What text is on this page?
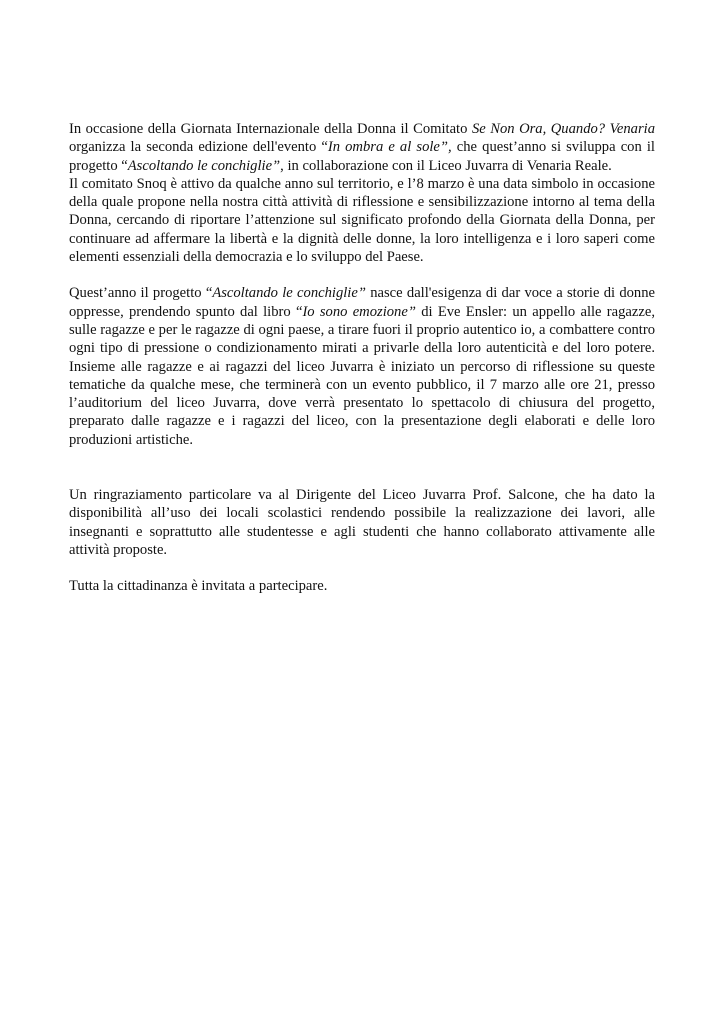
In occasione della Giornata Internazionale della Donna il Comitato Se Non Ora, Quando? Venaria organizza la seconda edizione dell'evento “In ombra e al sole”, che quest’anno si sviluppa con il progetto “Ascoltando le conchiglie”, in collaborazione con il Liceo Juvarra di Venaria Reale.

Il comitato Snoq è attivo da qualche anno sul territorio, e l’8 marzo è una data simbolo in occasione della quale propone nella nostra città attività di riflessione e sensibilizzazione intorno al tema della Donna, cercando di riportare l’attenzione sul significato profondo della Giornata della Donna, per continuare ad affermare la libertà e la dignità delle donne, la loro intelligenza e i loro saperi come elementi essenziali della democrazia e lo sviluppo del Paese.

Quest’anno il progetto “Ascoltando le conchiglie” nasce dall'esigenza di dar voce a storie di donne oppresse, prendendo spunto dal libro “Io sono emozione” di Eve Ensler: un appello alle ragazze, sulle ragazze e per le ragazze di ogni paese, a tirare fuori il proprio autentico io, a combattere contro ogni tipo di pressione o condizionamento mirati a privarle della loro autenticità e del loro potere. Insieme alle ragazze e ai ragazzi del liceo Juvarra è iniziato un percorso di riflessione su queste tematiche da qualche mese, che terminerà con un evento pubblico, il 7 marzo alle ore 21, presso l’auditorium del liceo Juvarra, dove verrà presentato lo spettacolo di chiusura del progetto, preparato dalle ragazze e i ragazzi del liceo, con la presentazione degli elaborati e delle loro produzioni artistiche.

Un ringraziamento particolare va al Dirigente del Liceo Juvarra Prof. Salcone, che ha dato la disponibilità all’uso dei locali scolastici rendendo possibile la realizzazione dei lavori, alle insegnanti e soprattutto alle studentesse e agli studenti che hanno collaborato attivamente alle attività proposte.

Tutta la cittadinanza è invitata a partecipare.
